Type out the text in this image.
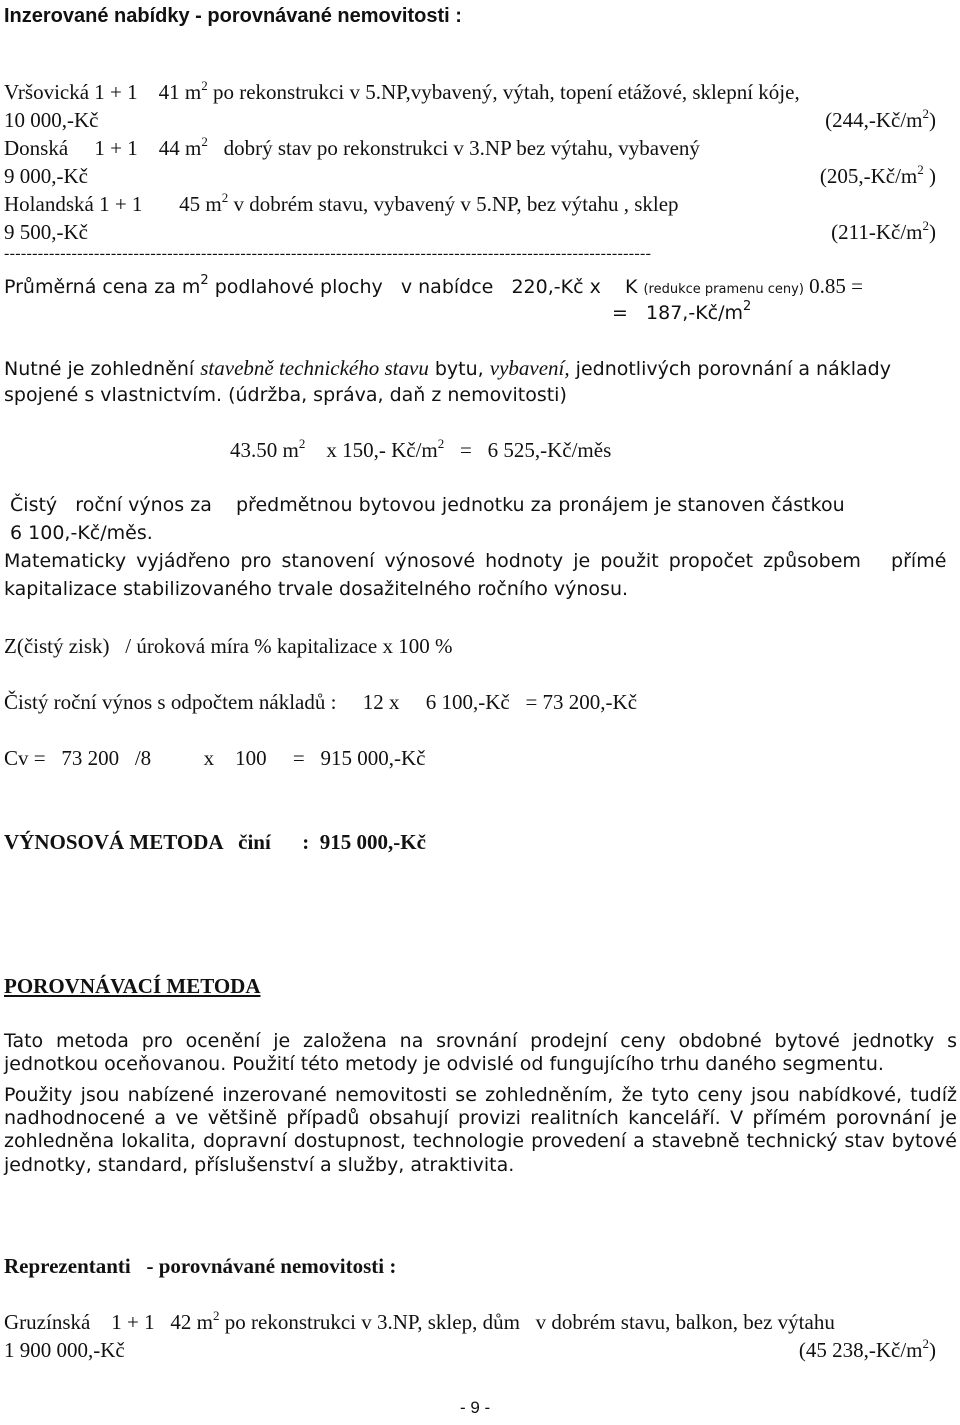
Inzerované nabídky - porovnávané nemovitosti :
Vršovická 1 + 1 41 $m^2$ po rekonstrukci v 5.NP,vybavený, výtah, topení etážové, sklepní kóje,
10 000,-Kč	$(244,-Kč/m^2)$
Donská     1 + 1 44 $m^2$   dobrý stav po rekonstrukci v 3.NP bez výtahu, vybavený
9 000,-Kč	($205,-Kč/m^2$ )
Holandská 1 + 1 45 $m^2$ v dobrém stavu, vybavený v 5.NP, bez výtahu , sklep
9 500,-Kč	$(211-Kč/m^2)$
-------------------------------------------------------------------------------------------------------------------
Průměrná cena za $m^2$ podlahové plochy   v nabídce   220,-Kč x    K (redukce pramenu ceny) 0.85 =
=   $187,-Kč/m^2$
Nutné je zohlednění stavebně technického stavu bytu, vybavení, jednotlivých porovnání a náklady
spojené s vlastnictvím. (údržba, správa, daň z nemovitosti)
43.50 $m^2$    x 150,- $Kč/m^2 = 6$ 525,-Kč/měs
Čistý   roční výnos za    předmětnou bytovou jednotku za pronájem je stanoven částkou
6 100,-Kč/měs.
Matematicky vyjádřeno pro stanovení výnosové hodnoty je použit propočet způsobem   přímé
kapitalizace stabilizovaného trvale dosažitelného ročního výnosu.
Z(čistý zisk)   / úroková míra % kapitalizace x 100 %
Čistý roční výnos s odpočtem nákladů :     12 x     6 100,-Kč   = 73 200,-Kč
Cv =   73 200   /8          x    100     =   915 000,-Kč
VÝNOSOVÁ METODA   činí      :  915 000,-Kč
POROVNÁVACÍ METODA
Tato metoda pro ocenění je založena na srovnání prodejní ceny obdobné bytové jednotky s jednotkou oceňovanou. Použití této metody je odvislé od fungujícího trhu daného segmentu.
Použity jsou nabízené inzerované nemovitosti se zohledněním, že tyto ceny jsou nabídkové, tudíž nadhodnocené a ve většině případů obsahují provizi realitních kanceláří. V přímém porovnání je zohledněna lokalita, dopravní dostupnost, technologie provedení a stavebně technický stav bytové jednotky, standard, příslušenství a služby, atraktivita.
Reprezentanti   - porovnávané nemovitosti :
Gruzínská    1 + 1 42 $m^2$ po rekonstrukci v 3.NP, sklep, dům   v dobrém stavu, balkon, bez výtahu
1 900 000,-Kč	(45 $238,-Kč/m^2$)
- 9 -
